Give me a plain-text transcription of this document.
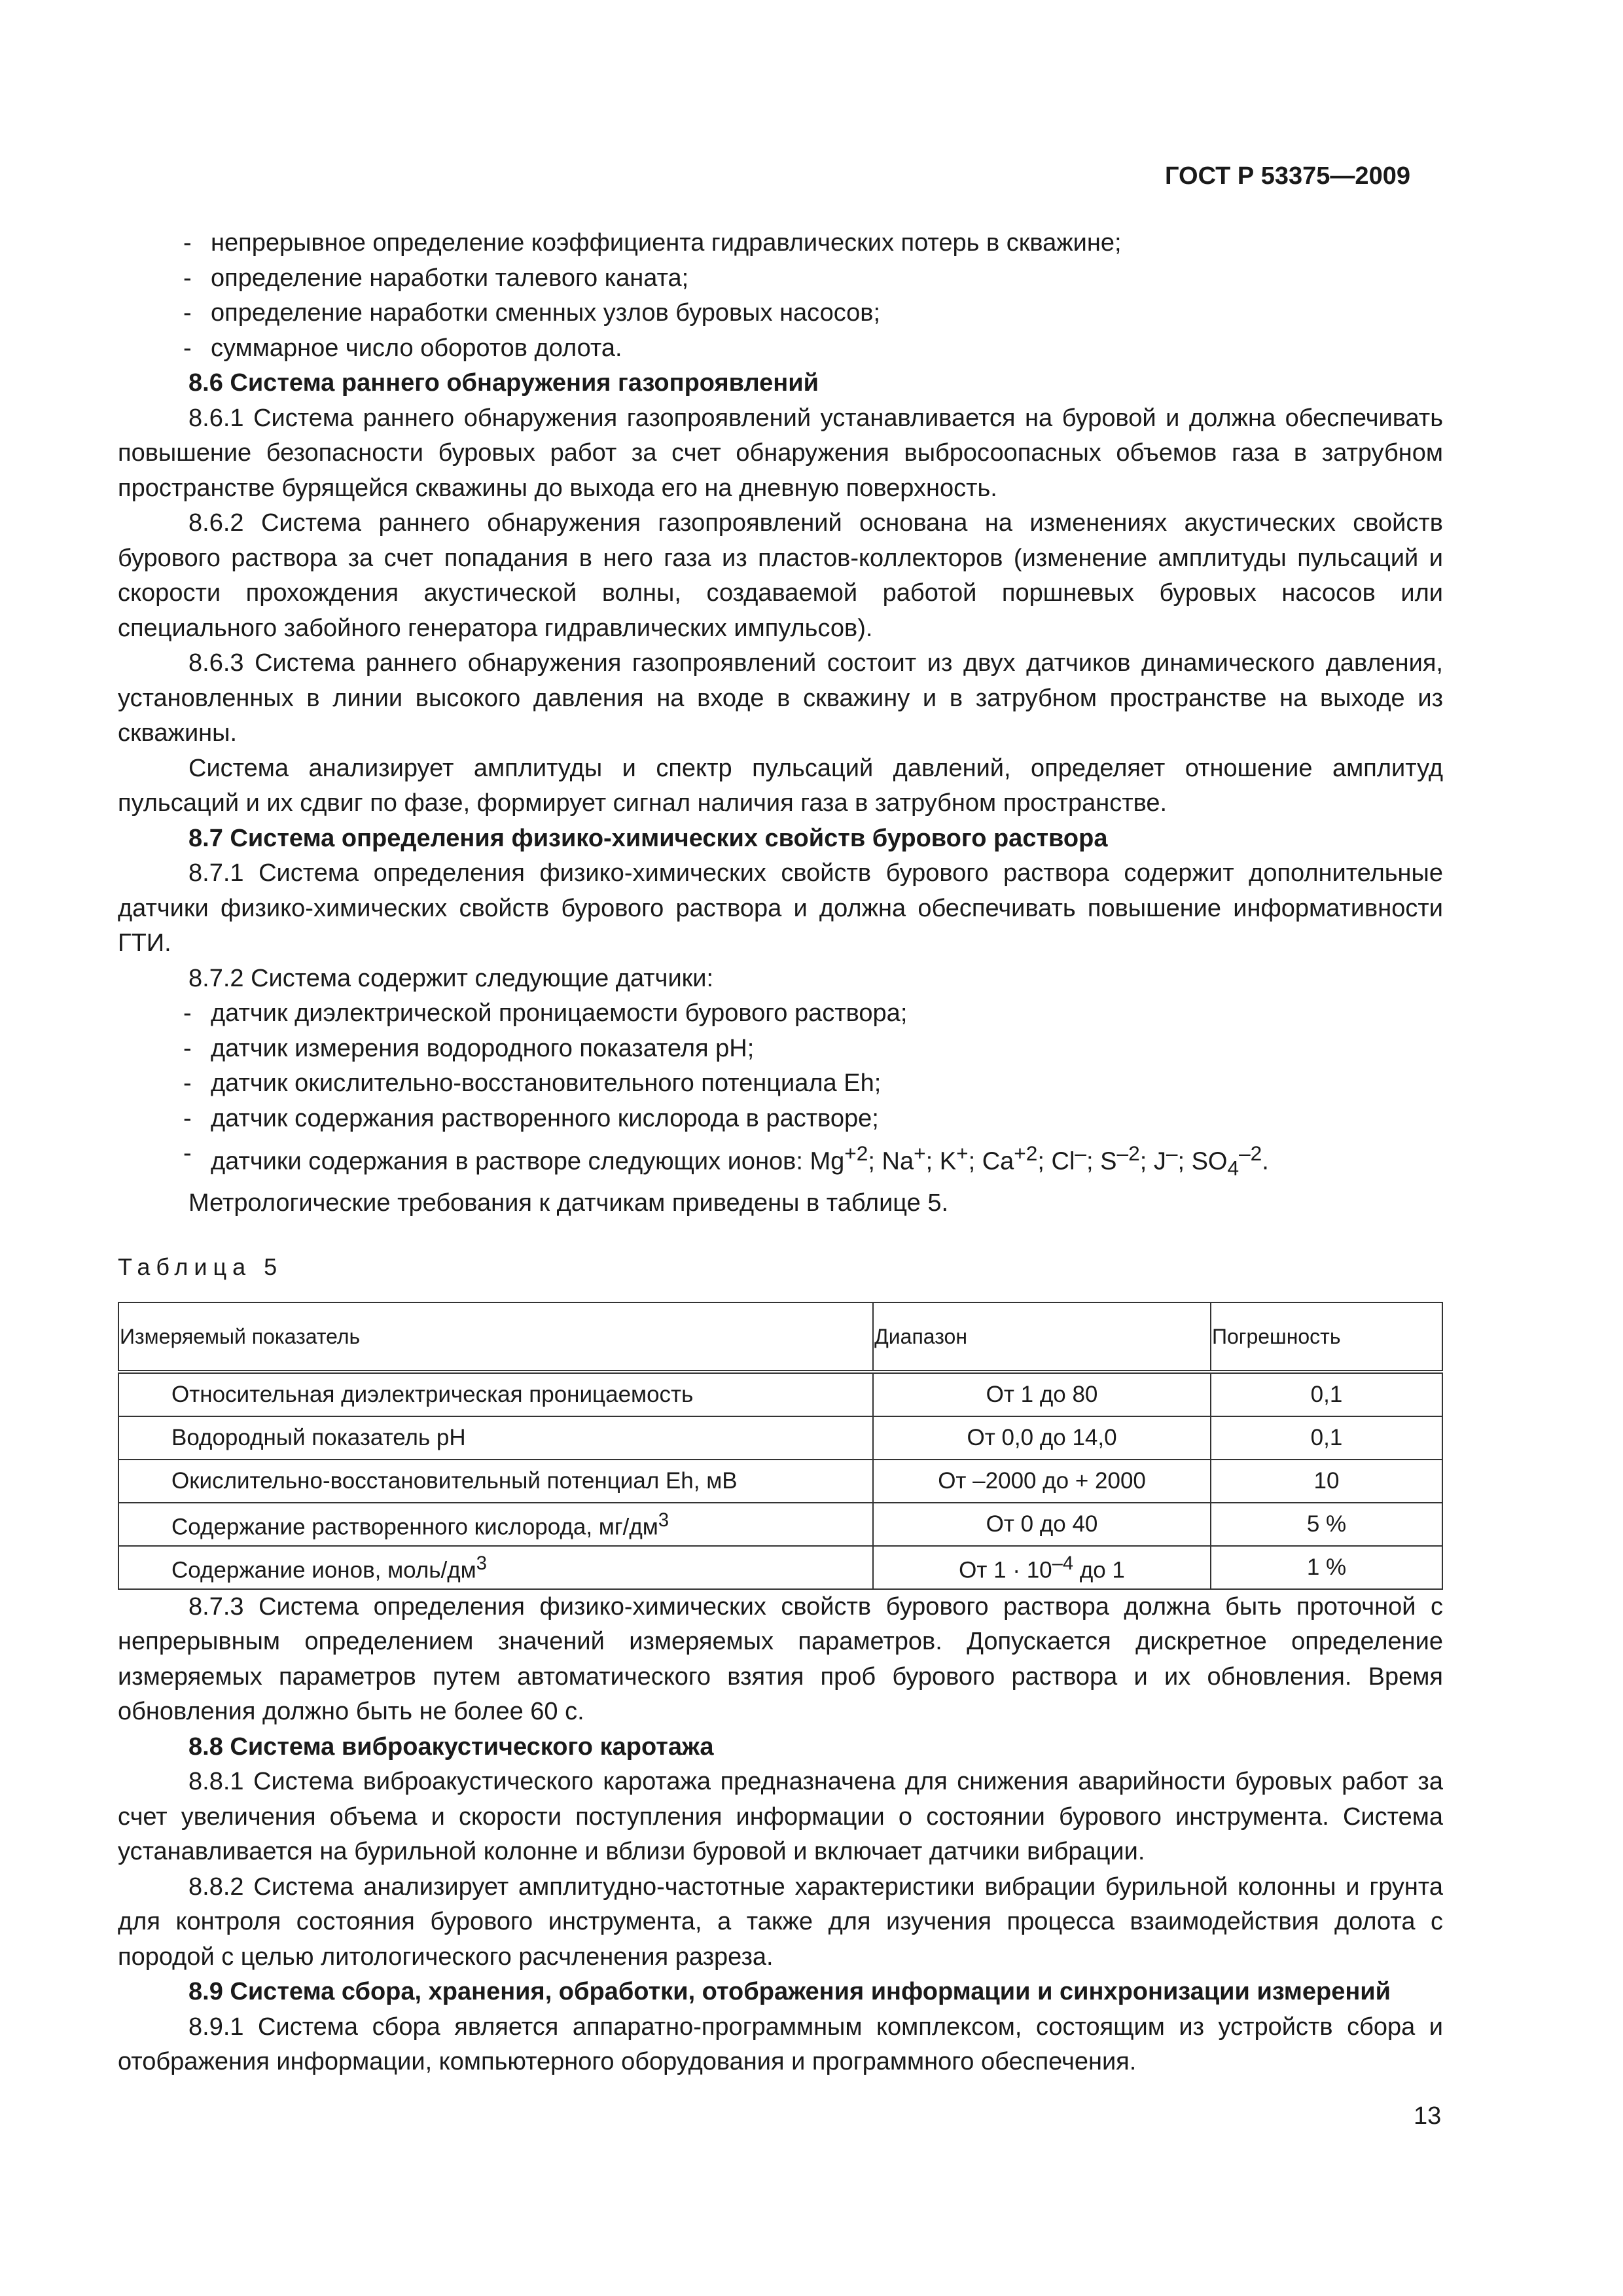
ГОСТ Р 53375—2009
- непрерывное определение коэффициента гидравлических потерь в скважине;
- определение наработки талевого каната;
- определение наработки сменных узлов буровых насосов;
- суммарное число оборотов долота.

8.6 Система раннего обнаружения газопроявлений

8.6.1 Система раннего обнаружения газопроявлений устанавливается на буровой и должна обеспечивать повышение безопасности буровых работ за счет обнаружения выбросоопасных объемов газа в затрубном пространстве бурящейся скважины до выхода его на дневную поверхность.

8.6.2 Система раннего обнаружения газопроявлений основана на изменениях акустических свойств бурового раствора за счет попадания в него газа из пластов-коллекторов (изменение амплитуды пульсаций и скорости прохождения акустической волны, создаваемой работой поршневых буровых насосов или специального забойного генератора гидравлических импульсов).

8.6.3 Система раннего обнаружения газопроявлений состоит из двух датчиков динамического давления, установленных в линии высокого давления на входе в скважину и в затрубном пространстве на выходе из скважины.

Система анализирует амплитуды и спектр пульсаций давлений, определяет отношение амплитуд пульсаций и их сдвиг по фазе, формирует сигнал наличия газа в затрубном пространстве.

8.7 Система определения физико-химических свойств бурового раствора

8.7.1 Система определения физико-химических свойств бурового раствора содержит дополнительные датчики физико-химических свойств бурового раствора и должна обеспечивать повышение информативности ГТИ.

8.7.2 Система содержит следующие датчики:

- датчик диэлектрической проницаемости бурового раствора;
- датчик измерения водородного показателя pH;
- датчик окислительно-восстановительного потенциала Eh;
- датчик содержания растворенного кислорода в растворе;
- датчики содержания в растворе следующих ионов: $Mg^{+2}$; Na+; K+; $Ca^{+2}$; Cl–; $S^{-2}$; J–; $SO_4^{-2}$.

Метрологические требования к датчикам приведены в таблице 5.

Таблица 5
Измеряемый показатель	Диапазон	Погрешность
Относительная диэлектрическая проницаемость	От 1 до 80	0,1
Водородный показатель pH	От 0,0 до 14,0	0,1
Окислительно-восстановительный потенциал Eh, мВ	От –2000 до + 2000	10
Содержание растворенного кислорода, $мг/дм^3$	От 0 до 40	5 %
Содержание ионов, моль/$дм^3$	От $1 \cdot 10^{-4}$ до 1	1 %

8.7.3 Система определения физико-химических свойств бурового раствора должна быть проточной с непрерывным определением значений измеряемых параметров. Допускается дискретное определение измеряемых параметров путем автоматического взятия проб бурового раствора и их обновления. Время обновления должно быть не более 60 с.

8.8 Система виброакустического каротажа

8.8.1 Система виброакустического каротажа предназначена для снижения аварийности буровых работ за счет увеличения объема и скорости поступления информации о состоянии бурового инструмента. Система устанавливается на бурильной колонне и вблизи буровой и включает датчики вибрации.

8.8.2 Система анализирует амплитудно-частотные характеристики вибрации бурильной колонны и грунта для контроля состояния бурового инструмента, а также для изучения процесса взаимодействия долота с породой с целью литологического расчленения разреза.

8.9 Система сбора, хранения, обработки, отображения информации и синхронизации измерений

8.9.1 Система сбора является аппаратно-программным комплексом, состоящим из устройств сбора и отображения информации, компьютерного оборудования и программного обеспечения.

13
